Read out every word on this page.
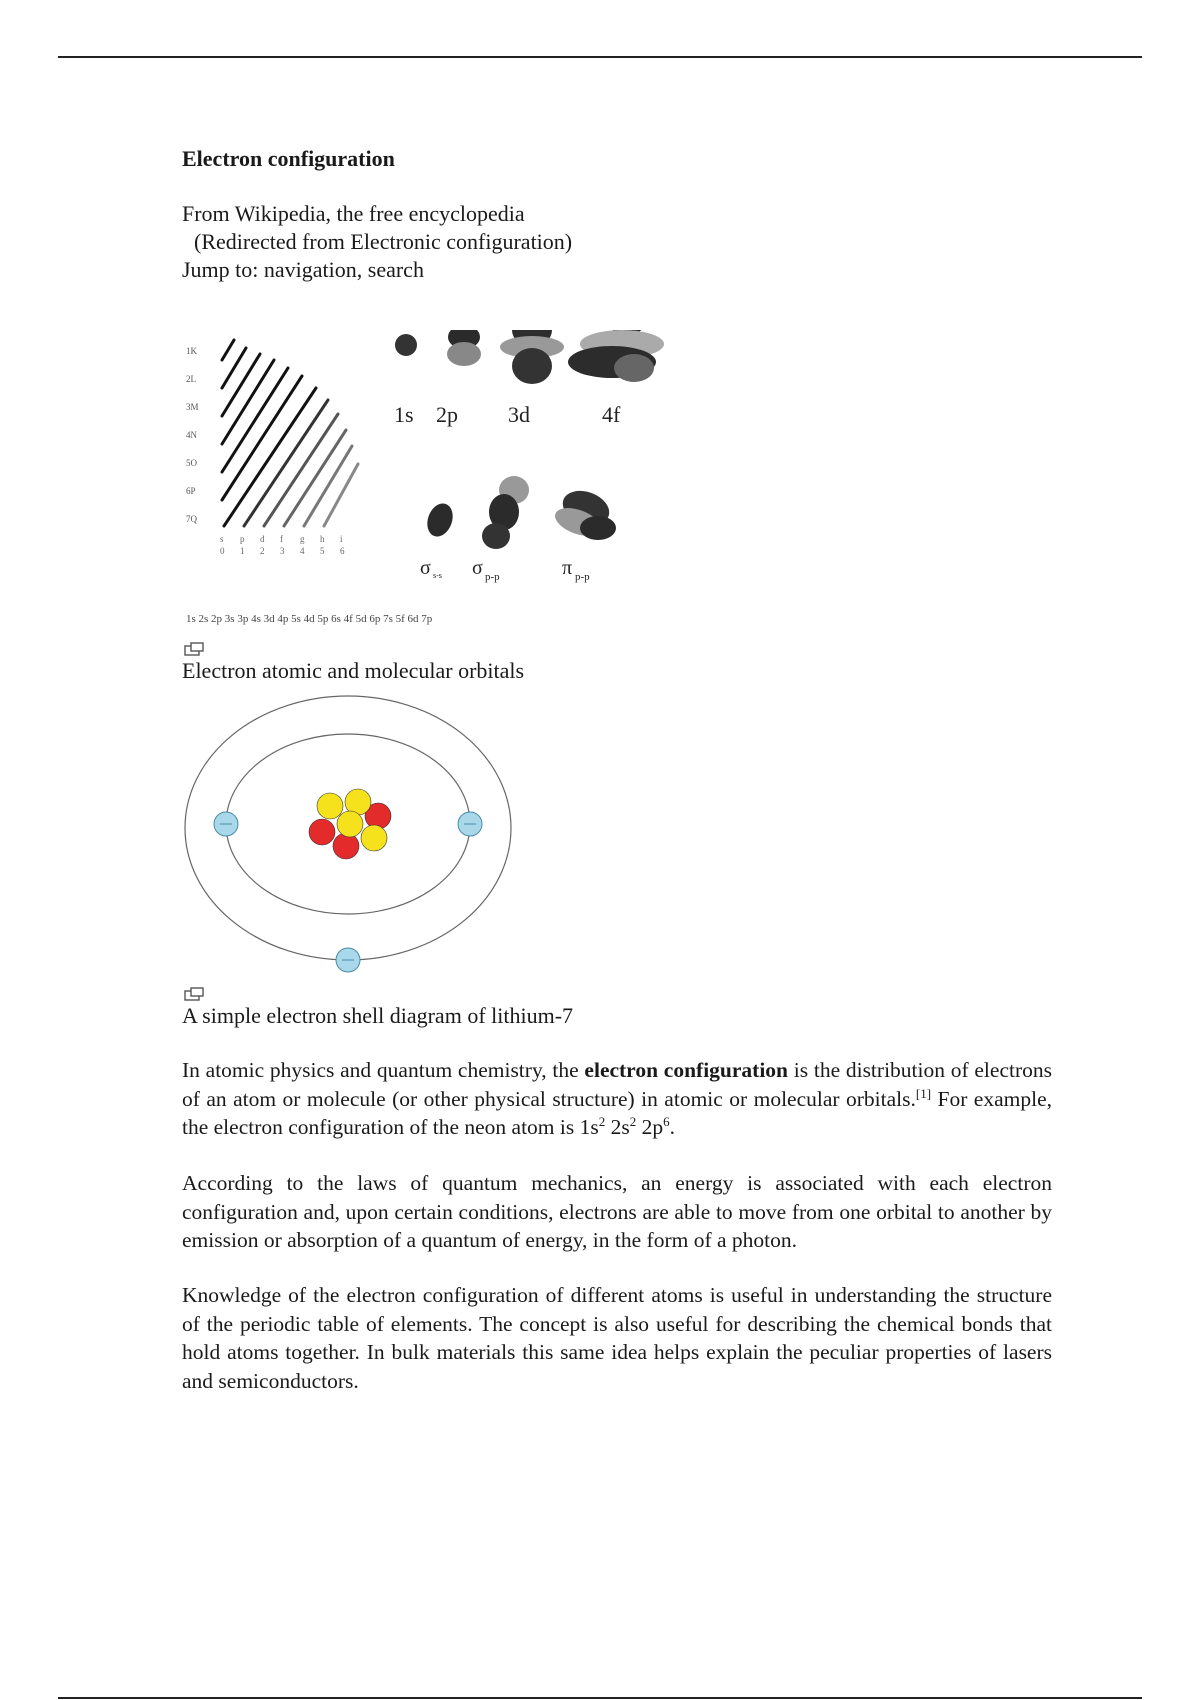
Electron configuration
From Wikipedia, the free encyclopedia
(Redirected from Electronic configuration)
Jump to: navigation, search
1K
2L
3M
4N
5O
6P
7Q
s p d f g h i
0 1 2 3 4 5 6
1s 2p 3d	4f
σ s-s σ p-p	π p-p
1s 2s 2p 3s 3p 4s 3d 4p 5s 4d 5p 6s 4f 5d 6p 7s 5f 6d 7p
Electron atomic and molecular orbitals
A simple electron shell diagram of lithium-7
In atomic physics and quantum chemistry, the electron configuration is the distribution of electrons of an atom or molecule (or other physical structure) in atomic or molecular orbitals.[1] For example, the electron configuration of the neon atom is $1s^2$ $2s^2$ $2p^6$.
According to the laws of quantum mechanics, an energy is associated with each electron configuration and, upon certain conditions, electrons are able to move from one orbital to another by emission or absorption of a quantum of energy, in the form of a photon.
Knowledge of the electron configuration of different atoms is useful in understanding the structure of the periodic table of elements. The concept is also useful for describing the chemical bonds that hold atoms together. In bulk materials this same idea helps explain the peculiar properties of lasers and semiconductors.
